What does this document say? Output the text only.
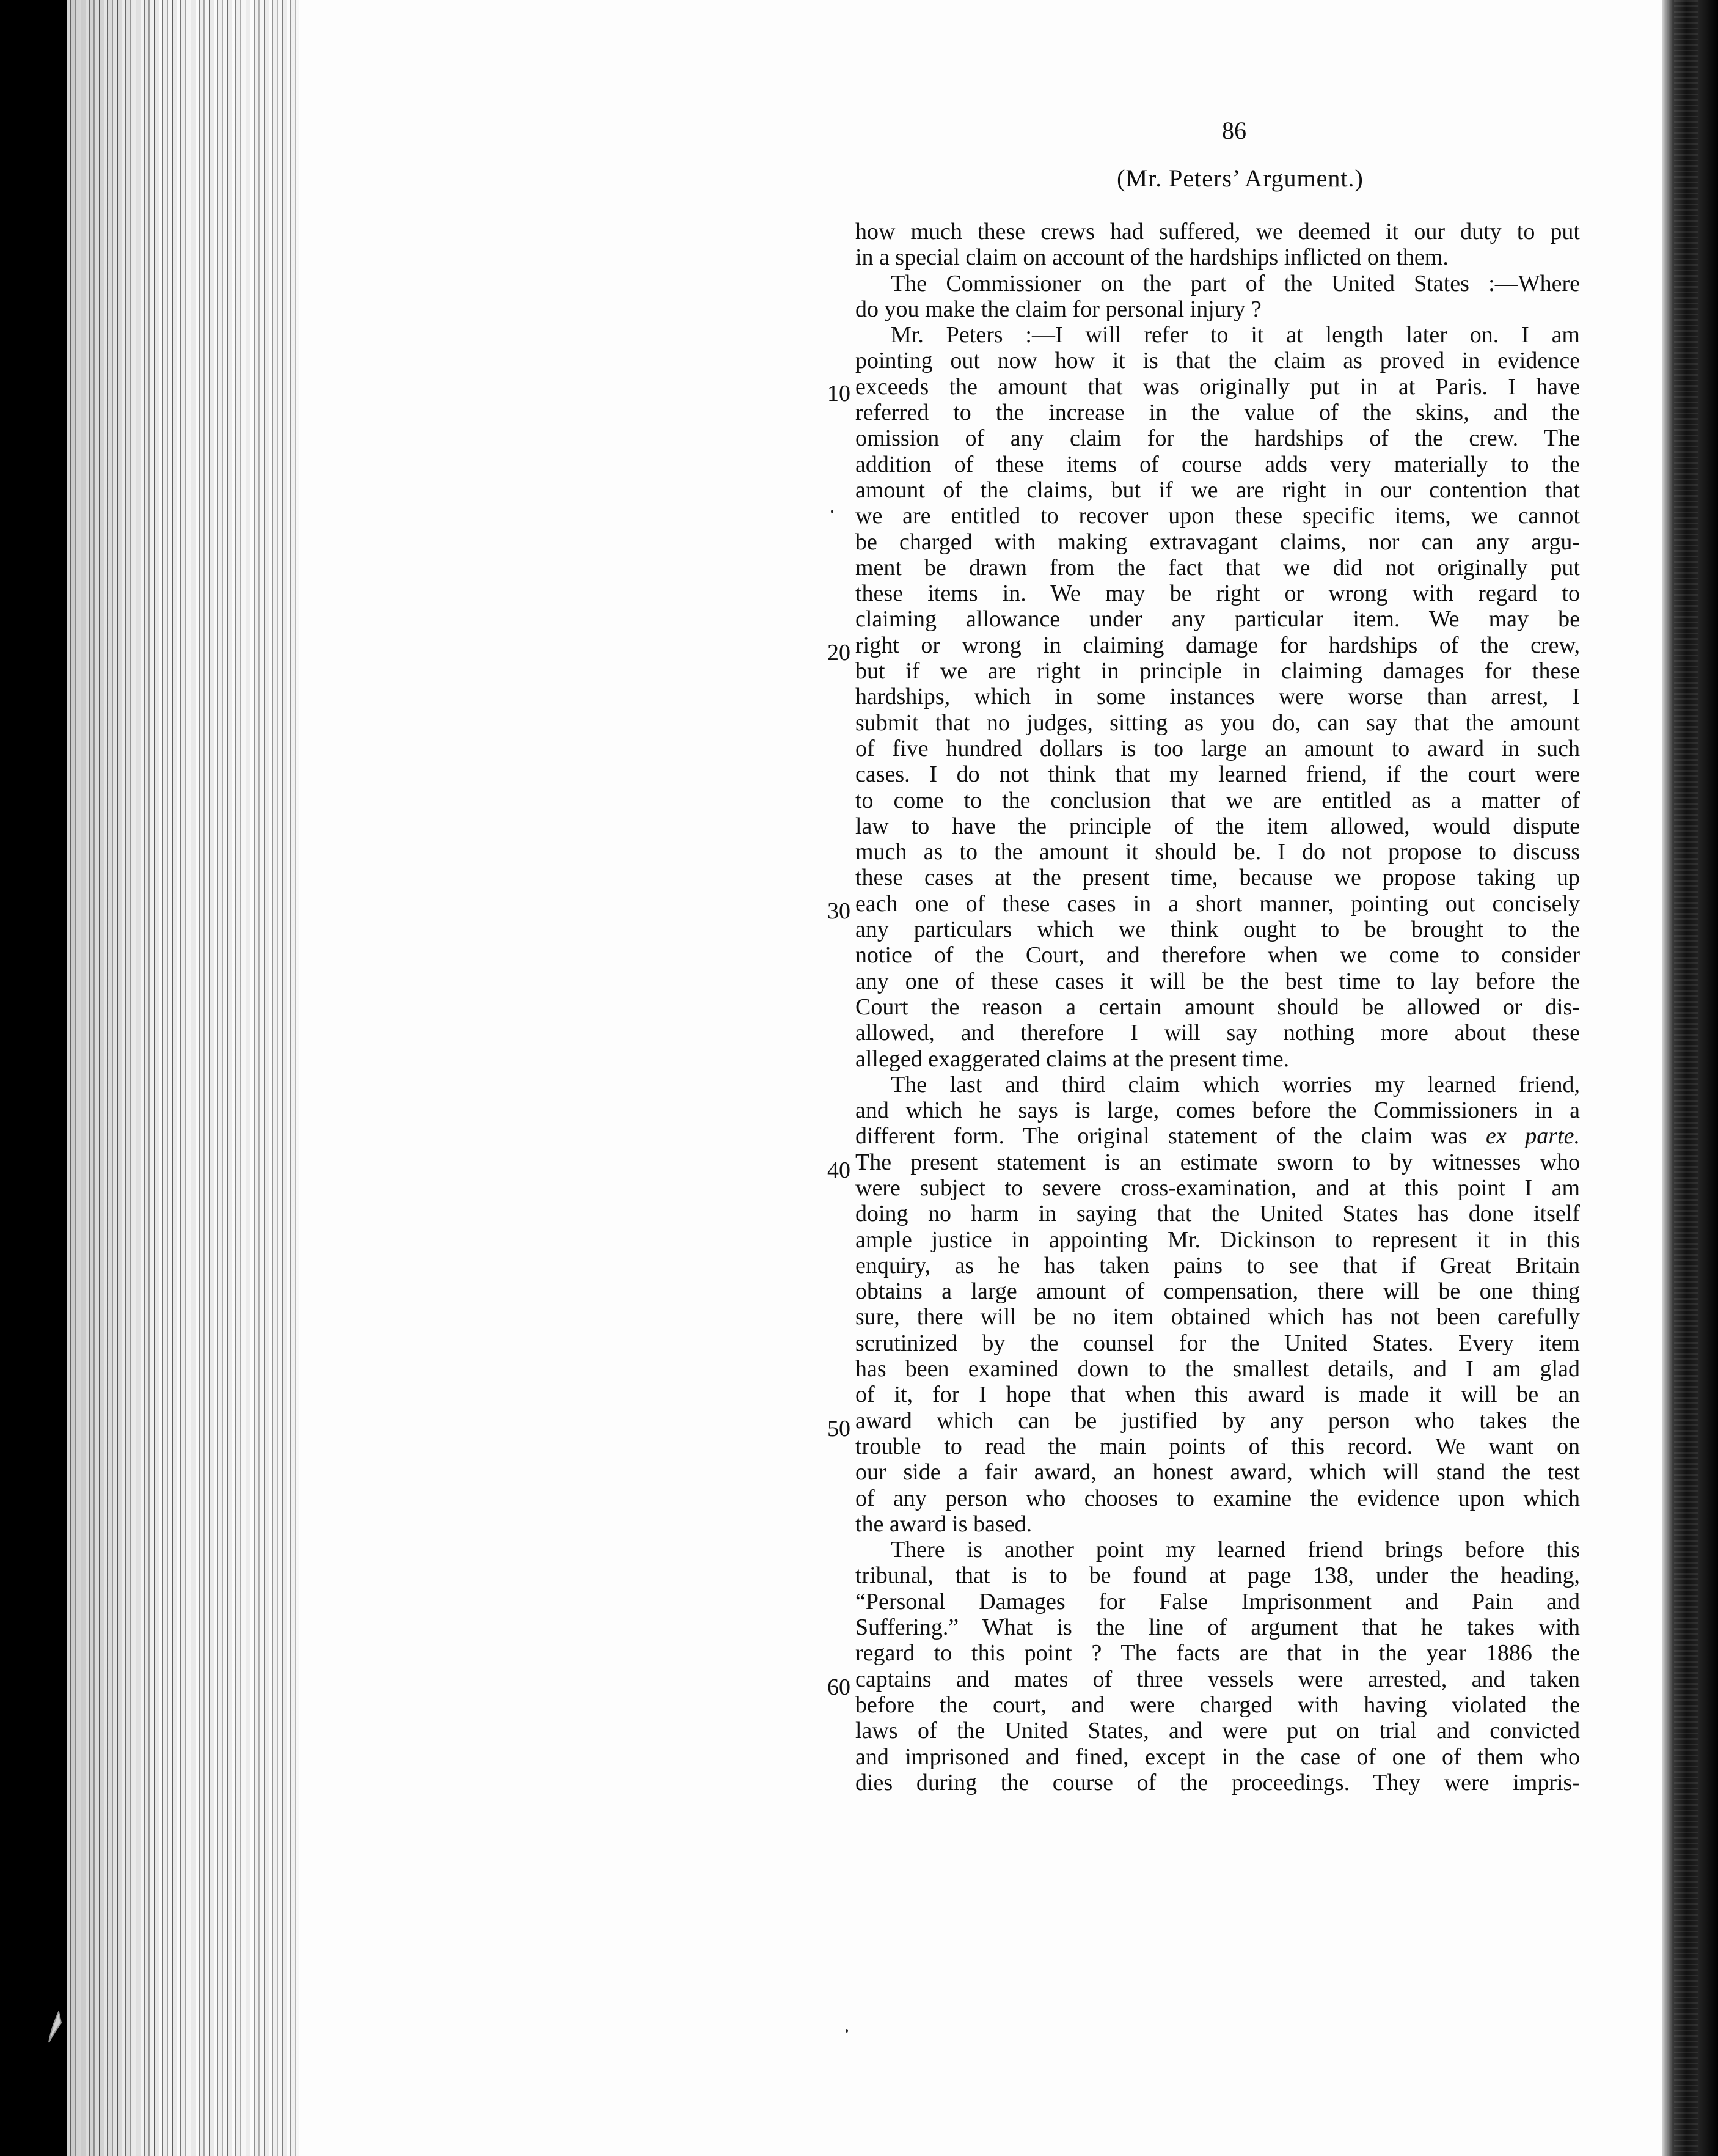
86
(Mr. Peters’ Argument.)
10
20
30
40
50
60
how much these crews had suffered, we deemed it our duty to put
in a special claim on account of the hardships inflicted on them.
The Commissioner on the part of the United States :—Where
do you make the claim for personal injury ?
Mr. Peters :—I will refer to it at length later on. I am
pointing out now how it is that the claim as proved in evidence
exceeds the amount that was originally put in at Paris. I have
referred to the increase in the value of the skins, and the
omission of any claim for the hardships of the crew. The
addition of these items of course adds very materially to the
amount of the claims, but if we are right in our contention that
we are entitled to recover upon these specific items, we cannot
be charged with making extravagant claims, nor can any argu-
ment be drawn from the fact that we did not originally put
these items in. We may be right or wrong with regard to
claiming allowance under any particular item. We may be
right or wrong in claiming damage for hardships of the crew,
but if we are right in principle in claiming damages for these
hardships, which in some instances were worse than arrest, I
submit that no judges, sitting as you do, can say that the amount
of five hundred dollars is too large an amount to award in such
cases. I do not think that my learned friend, if the court were
to come to the conclusion that we are entitled as a matter of
law to have the principle of the item allowed, would dispute
much as to the amount it should be. I do not propose to discuss
these cases at the present time, because we propose taking up
each one of these cases in a short manner, pointing out concisely
any particulars which we think ought to be brought to the
notice of the Court, and therefore when we come to consider
any one of these cases it will be the best time to lay before the
Court the reason a certain amount should be allowed or dis-
allowed, and therefore I will say nothing more about these
alleged exaggerated claims at the present time.
The last and third claim which worries my learned friend,
and which he says is large, comes before the Commissioners in a
different form. The original statement of the claim was ex parte.
The present statement is an estimate sworn to by witnesses who
were subject to severe cross-examination, and at this point I am
doing no harm in saying that the United States has done itself
ample justice in appointing Mr. Dickinson to represent it in this
enquiry, as he has taken pains to see that if Great Britain
obtains a large amount of compensation, there will be one thing
sure, there will be no item obtained which has not been carefully
scrutinized by the counsel for the United States. Every item
has been examined down to the smallest details, and I am glad
of it, for I hope that when this award is made it will be an
award which can be justified by any person who takes the
trouble to read the main points of this record. We want on
our side a fair award, an honest award, which will stand the test
of any person who chooses to examine the evidence upon which
the award is based.
There is another point my learned friend brings before this
tribunal, that is to be found at page 138, under the heading,
“Personal Damages for False Imprisonment and Pain and
Suffering.” What is the line of argument that he takes with
regard to this point ? The facts are that in the year 1886 the
captains and mates of three vessels were arrested, and taken
before the court, and were charged with having violated the
laws of the United States, and were put on trial and convicted
and imprisoned and fined, except in the case of one of them who
dies during the course of the proceedings. They were impris-
